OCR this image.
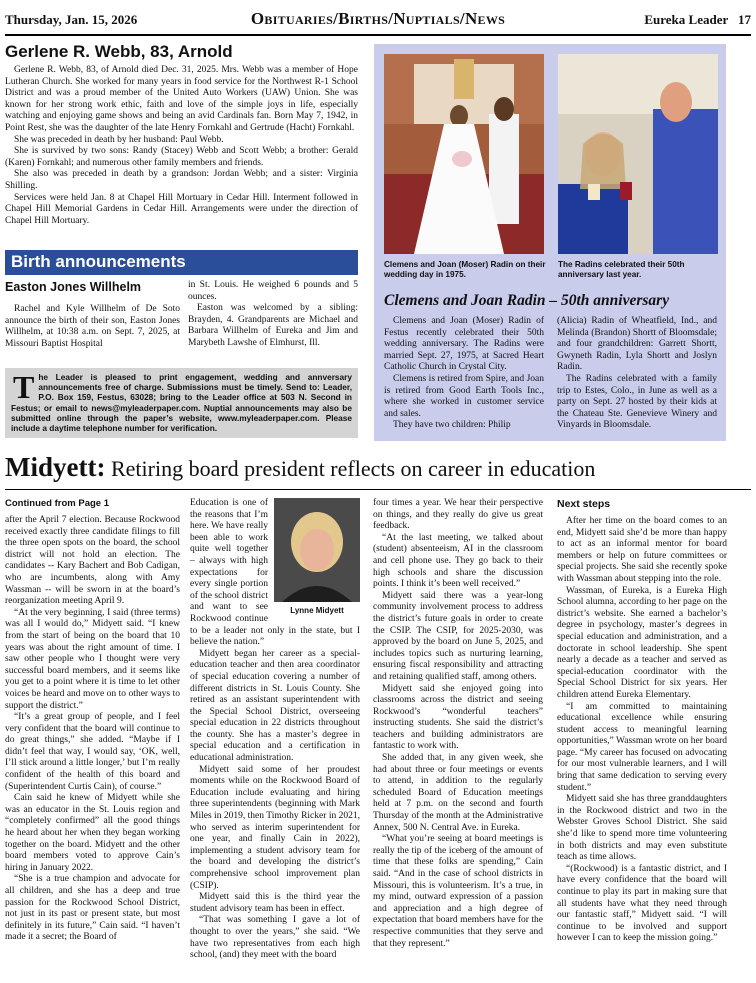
Thursday, Jan. 15, 2026	Obituaries/Births/Nuptials/News	Eureka Leader 17
Gerlene R. Webb, 83, Arnold

Gerlene R. Webb, 83, of Arnold died Dec. 31, 2025. Mrs. Webb was a member of Hope Lutheran Church. She worked for many years in food service for the Northwest R-1 School District and was a proud member of the United Auto Workers (UAW) Union. She was known for her strong work ethic, faith and love of the simple joys in life, especially watching and enjoying game shows and being an avid Cardinals fan. Born May 7, 1942, in Point Rest, she was the daughter of the late Henry Fornkahl and Gertrude (Hacht) Fornkahl.

She was preceded in death by her husband: Paul Webb.

She is survived by two sons: Randy (Stacey) Webb and Scott Webb; a brother: Gerald (Karen) Fornkahl; and numerous other family members and friends.

She also was preceded in death by a grandson: Jordan Webb; and a sister: Virginia Shilling.

Services were held Jan. 8 at Chapel Hill Mortuary in Cedar Hill. Interment followed in Chapel Hill Memorial Gardens in Cedar Hill. Arrangements were under the direction of Chapel Hill Mortuary.

Birth announcements
Easton Jones Willhelm

Rachel and Kyle Willhelm of De Soto announce the birth of their son, Easton Jones Willhelm, at 10:38 a.m. on Sept. 7, 2025, at Missouri Baptist Hospital

in St. Louis. He weighed 6 pounds and 5 ounces.

Easton was welcomed by a sibling: Brayden, 4. Grandparents are Michael and Barbara Willhelm of Eureka and Jim and Marybeth Lawshe of Elmhurst, Ill.

T he Leader is pleased to print engagement, wedding and annversary announcements free of charge. Submissions must be timely. Send to: Leader, P.O. Box 159, Festus, 63028; bring to the Leader office at 503 N. Second in Festus; or email to news@myleaderpaper.com. Nuptial announcements may also be submitted online through the paper’s website, www.myleaderpaper.com. Please include a daytime telephone number for verification.
Clemens and Joan (Moser) Radin on their wedding day in 1975.
The Radins celebrated their 50th anniversary last year.
Clemens and Joan Radin – 50th anniversary

Clemens and Joan (Moser) Radin of Festus recently celebrated their 50th wedding anniversary. The Radins were married Sept. 27, 1975, at Sacred Heart Catholic Church in Crystal City.

Clemens is retired from Spire, and Joan is retired from Good Earth Tools Inc., where she worked in customer service and sales.

They have two children: Philip

(Alicia) Radin of Wheatfield, Ind., and Melinda (Brandon) Shortt of Bloomsdale; and four grandchildren: Garrett Shortt, Gwyneth Radin, Lyla Shortt and Joslyn Radin.

The Radins celebrated with a family trip to Estes, Colo., in June as well as a party on Sept. 27 hosted by their kids at the Chateau Ste. Genevieve Winery and Vinyards in Bloomsdale.

Midyett: Retiring board president reflects on career in education
Continued from Page 1

after the April 7 election. Because Rockwood received exactly three candidate filings to fill the three open spots on the board, the school district will not hold an election. The candidates -- Kary Bachert and Bob Cadigan, who are incumbents, along with Amy Wassman -- will be sworn in at the board’s reorganization meeting April 9.

“At the very beginning, I said (three terms) was all I would do,” Midyett said. “I knew from the start of being on the board that 10 years was about the right amount of time. I saw other people who I thought were very successful board members, and it seems like you get to a point where it is time to let other voices be heard and move on to other ways to support the district.”

“It’s a great group of people, and I feel very confident that the board will continue to do great things,” she added. “Maybe if I didn’t feel that way, I would say, ‘OK, well, I’ll stick around a little longer,’ but I’m really confident of the health of this board and (Superintendent Curtis Cain), of course.”

Cain said he knew of Midyett while she was an educator in the St. Louis region and “completely confirmed” all the good things he heard about her when they began working together on the board. Midyett and the other board members voted to approve Cain’s hiring in January 2022.

“She is a true champion and advocate for all children, and she has a deep and true passion for the Rockwood School District, not just in its past or present state, but most definitely in its future,” Cain said. “I haven’t made it a secret; the Board of

Lynne Midyett

Education is one of the reasons that I’m here. We have really been able to work quite well together – always with high expectations for every single portion of the school district and want to see Rockwood continue to be a leader not only in the state, but I believe the nation.”

Midyett began her career as a special-education teacher and then area coordinator of special education covering a number of different districts in St. Louis County. She retired as an assistant superintendent with the Special School District, overseeing special education in 22 districts throughout the county. She has a master’s degree in special education and a certification in educational administration.

Midyett said some of her proudest moments while on the Rockwood Board of Education include evaluating and hiring three superintendents (beginning with Mark Miles in 2019, then Timothy Ricker in 2021, who served as interim superintendent for one year, and finally Cain in 2022), implementing a student advisory team for the board and developing the district’s comprehensive school improvement plan (CSIP).

Midyett said this is the third year the student advisory team has been in effect.

“That was something I gave a lot of thought to over the years,” she said. “We have two representatives from each high school, (and) they meet with the board

four times a year. We hear their perspective on things, and they really do give us great feedback.

“At the last meeting, we talked about (student) absenteeism, AI in the classroom and cell phone use. They go back to their high schools and share the discussion points. I think it’s been well received.”

Midyett said there was a year-long community involvement process to address the district’s future goals in order to create the CSIP. The CSIP, for 2025-2030, was approved by the board on June 5, 2025, and includes topics such as nurturing learning, ensuring fiscal responsibility and attracting and retaining qualified staff, among others.

Midyett said she enjoyed going into classrooms across the district and seeing Rockwood’s “wonderful teachers” instructing students. She said the district’s teachers and building administrators are fantastic to work with.

She added that, in any given week, she had about three or four meetings or events to attend, in addition to the regularly scheduled Board of Education meetings held at 7 p.m. on the second and fourth Thursday of the month at the Administrative Annex, 500 N. Central Ave. in Eureka.

“What you’re seeing at board meetings is really the tip of the iceberg of the amount of time that these folks are spending,” Cain said. “And in the case of school districts in Missouri, this is volunteerism. It’s a true, in my mind, outward expression of a passion and appreciation and a high degree of expectation that board members have for the respective communities that they serve and that they represent.”

Next steps

After her time on the board comes to an end, Midyett said she’d be more than happy to act as an informal mentor for board members or help on future committees or special projects. She said she recently spoke with Wassman about stepping into the role.

Wassman, of Eureka, is a Eureka High School alumna, according to her page on the district’s website. She earned a bachelor’s degree in psychology, master’s degrees in special education and administration, and a doctorate in school leadership. She spent nearly a decade as a teacher and served as special-education coordinator with the Special School District for six years. Her children attend Eureka Elementary.

“I am committed to maintaining educational excellence while ensuring student access to meaningful learning opportunities,” Wassman wrote on her board page. “My career has focused on advocating for our most vulnerable learners, and I will bring that same dedication to serving every student.”

Midyett said she has three granddaughters in the Rockwood district and two in the Webster Groves School District. She said she’d like to spend more time volunteering in both districts and may even substitute teach as time allows.

“(Rockwood) is a fantastic district, and I have every confidence that the board will continue to play its part in making sure that all students have what they need through our fantastic staff,” Midyett said. “I will continue to be involved and support however I can to keep the mission going.”
